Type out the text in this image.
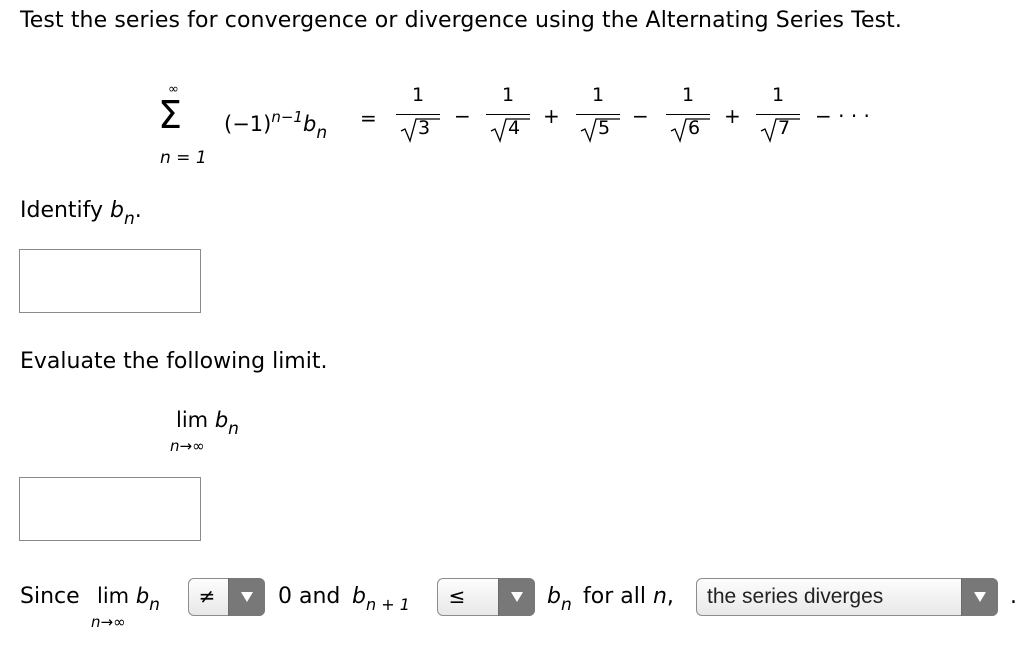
Test the series for convergence or divergence using the Alternating Series Test.
∞
Σ
n = 1
$(-1)^{n-1}b_n$
=
1
3
1
4
1
5
1
6
1
7
−	+	−	+	− · · ·
Identify $b_n$.
Evaluate the following limit.
$\lim b_n$
n→∞
Since $\lim b_n$
n→∞
≠	0 and $b_{n + 1}$	≤	$b_n$ for all n, the series diverges	.
